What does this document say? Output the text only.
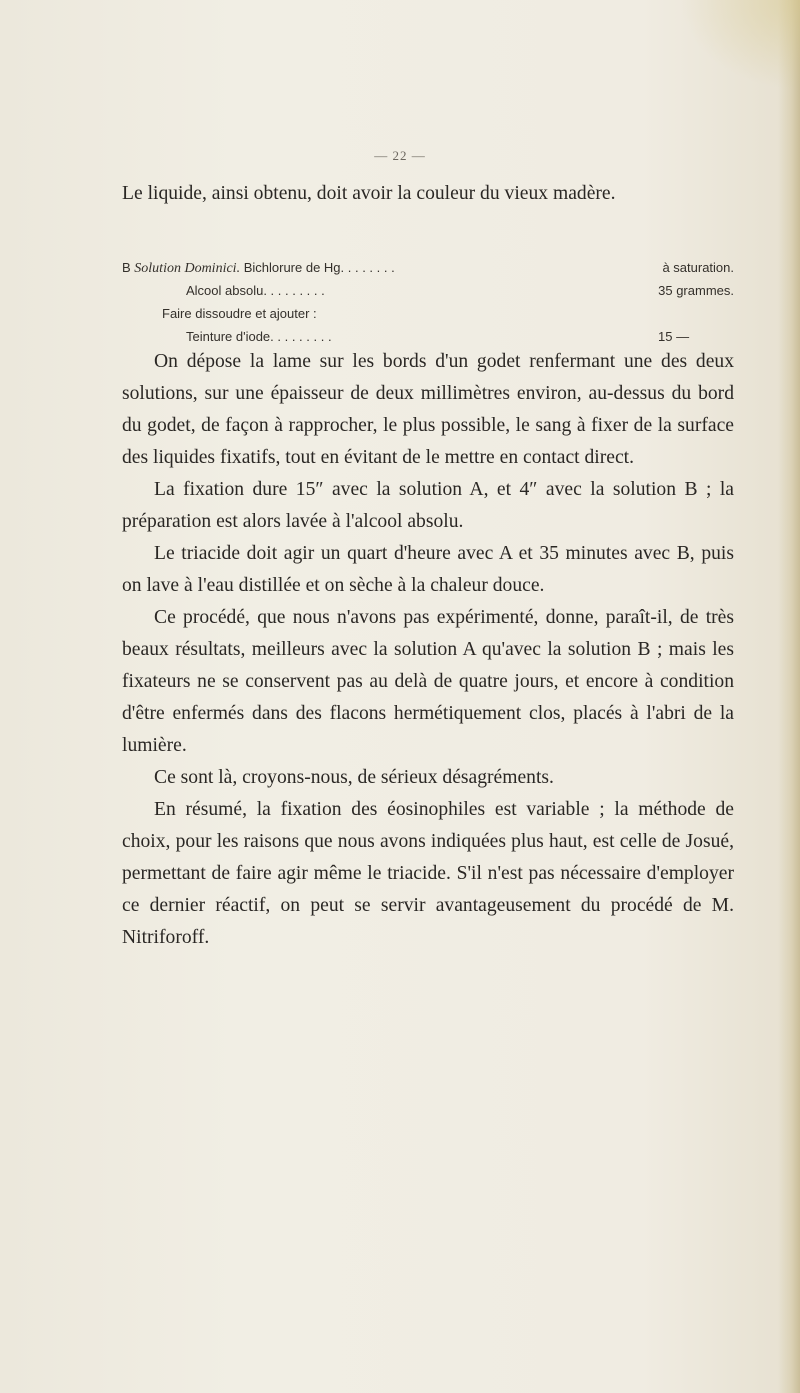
— 22 —
Le liquide, ainsi obtenu, doit avoir la couleur du vieux madère.
B Solution Dominici. Bichlorure de Hg. . . . . . . .	à saturation.
Alcool absolu. . . . . . . . .	35 grammes.
Faire dissoudre et ajouter :
Teinture d'iode. . . . . . . . .	15 —

On dépose la lame sur les bords d'un godet renfermant une des deux solutions, sur une épaisseur de deux millimètres environ, au-dessus du bord du godet, de façon à rapprocher, le plus possible, le sang à fixer de la surface des liquides fixatifs, tout en évitant de le mettre en contact direct.

La fixation dure 15″ avec la solution A, et 4″ avec la solution B ; la préparation est alors lavée à l'alcool absolu.

Le triacide doit agir un quart d'heure avec A et 35 minutes avec B, puis on lave à l'eau distillée et on sèche à la chaleur douce.

Ce procédé, que nous n'avons pas expérimenté, donne, paraît-il, de très beaux résultats, meilleurs avec la solution A qu'avec la solution B ; mais les fixateurs ne se conservent pas au delà de quatre jours, et encore à condition d'être enfermés dans des flacons hermétiquement clos, placés à l'abri de la lumière.

Ce sont là, croyons-nous, de sérieux désagréments.

En résumé, la fixation des éosinophiles est variable ; la méthode de choix, pour les raisons que nous avons indiquées plus haut, est celle de Josué, permettant de faire agir même le triacide. S'il n'est pas nécessaire d'employer ce dernier réactif, on peut se servir avantageusement du procédé de M. Nitriforoff.
